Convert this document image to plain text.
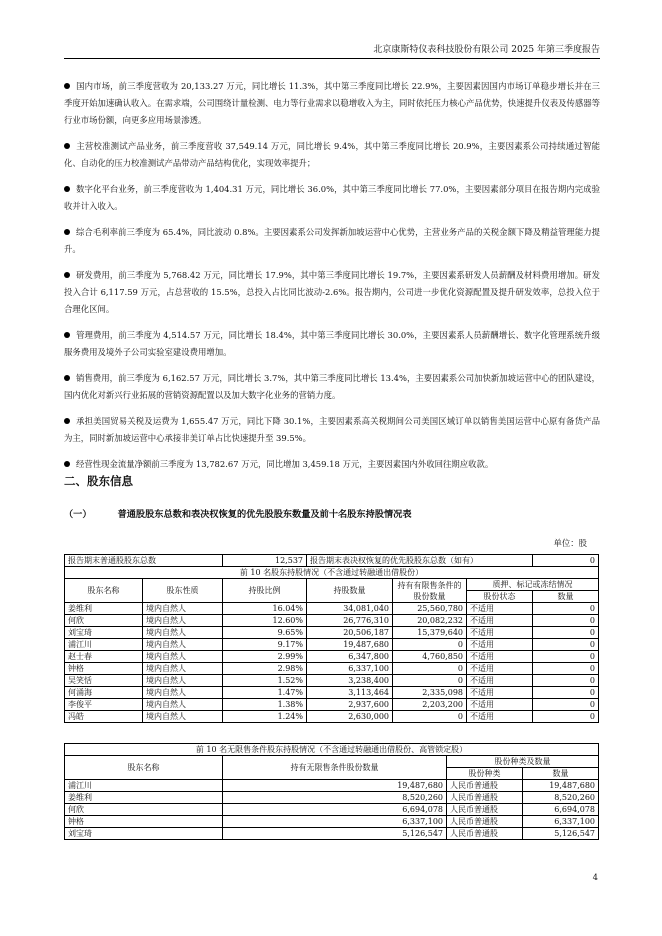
北京康斯特仪表科技股份有限公司 2025 年第三季度报告

国内市场，前三季度营收为 20,133.27 万元，同比增长 11.3%，其中第三季度同比增长 22.9%，主要因素因国内市场订单稳步增长并在三季度开始加速确认收入。在需求端，公司围绕计量检测、电力等行业需求以稳增收入为主，同时依托压力核心产品优势，快速提升仪表及传感器等行业市场份额，向更多应用场景渗透。

主营校准测试产品业务，前三季度营收 37,549.14 万元，同比增长 9.4%，其中第三季度同比增长 20.9%，主要因素系公司持续通过智能化、自动化的压力校准测试产品带动产品结构优化，实现效率提升；

数字化平台业务，前三季度营收为 1,404.31 万元，同比增长 36.0%，其中第三季度同比增长 77.0%，主要因素部分项目在报告期内完成验收并计入收入。

综合毛利率前三季度为 65.4%，同比波动 0.8%。主要因素系公司发挥新加坡运营中心优势，主营业务产品的关税金额下降及精益管理能力提升。

研发费用，前三季度为 5,768.42 万元，同比增长 17.9%，其中第三季度同比增长 19.7%，主要因素系研发人员薪酬及材料费用增加。研发投入合计 6,117.59 万元，占总营收的 15.5%，总投入占比同比波动-2.6%。报告期内，公司进一步优化资源配置及提升研发效率，总投入位于合理化区间。

管理费用，前三季度为 4,514.57 万元，同比增长 18.4%，其中第三季度同比增长 30.0%，主要因素系人员薪酬增长、数字化管理系统升级服务费用及境外子公司实验室建设费用增加。

销售费用，前三季度为 6,162.57 万元，同比增长 3.7%，其中第三季度同比增长 13.4%，主要因素系公司加快新加坡运营中心的团队建设，国内优化对新兴行业拓展的营销资源配置以及加大数字化业务的营销力度。

承担美国贸易关税及运费为 1,655.47 万元，同比下降 30.1%，主要因素系高关税期间公司美国区域订单以销售美国运营中心原有备货产品为主，同时新加坡运营中心承接非美订单占比快速提升至 39.5%。

经营性现金流量净额前三季度为 13,782.67 万元，同比增加 3,459.18 万元，主要因素国内外收回往期应收款。

二、股东信息
（一）	普通股股东总数和表决权恢复的优先股股东数量及前十名股东持股情况表
单位：股
报告期末普通股股东总数		12,537	报告期末表决权恢复的优先股股东总数（如有）			0
前 10 名股东持股情况（不含通过转融通出借股份）						
股东名称	股东性质	持股比例	持股数量	持有有限售条件的股份数量	质押、标记或冻结情况	
					股份状态	数量
姜维利	境内自然人	16.04%	34,081,040	25,560,780	不适用	0
何欣	境内自然人	12.60%	26,776,310	20,082,232	不适用	0
刘宝琦	境内自然人	9.65%	20,506,187	15,379,640	不适用	0
浦江川	境内自然人	9.17%	19,487,680	0	不适用	0
赵士春	境内自然人	2.99%	6,347,800	4,760,850	不适用	0
钟格	境内自然人	2.98%	6,337,100	0	不适用	0
吴笑恬	境内自然人	1.52%	3,238,400	0	不适用	0
何涌海	境内自然人	1.47%	3,113,464	2,335,098	不适用	0
李俊平	境内自然人	1.38%	2,937,600	2,203,200	不适用	0
冯皓	境内自然人	1.24%	2,630,000	0	不适用	0
前 10 名无限售条件股东持股情况（不含通过转融通出借股份、高管锁定股）			
股东名称	持有无限售条件股份数量	股份种类及数量	
		股份种类	数量
浦江川	19,487,680	人民币普通股	19,487,680
姜维利	8,520,260	人民币普通股	8,520,260
何欣	6,694,078	人民币普通股	6,694,078
钟格	6,337,100	人民币普通股	6,337,100
刘宝琦	5,126,547	人民币普通股	5,126,547
4
